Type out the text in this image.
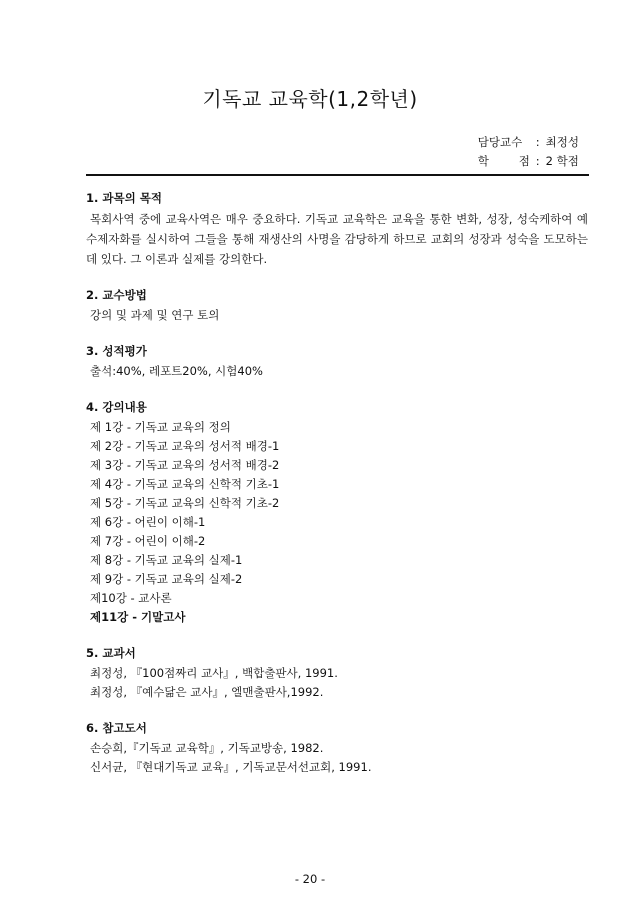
기독교 교육학(1,2학년)
담당교수	: 최정성
학	점 : 2 학점
1. 과목의 목적
목회사역 중에 교육사역은 매우 중요하다. 기독교 교육학은 교육을 통한 변화, 성장, 성숙케하여 예수제자화를 실시하여 그들을 통해 재생산의 사명을 감당하게 하므로 교회의 성장과 성숙을 도모하는데 있다. 그 이론과 실제를 강의한다.
2. 교수방법
강의 및 과제 및 연구 토의
3. 성적평가
출석:40%, 레포트20%, 시험40%
4. 강의내용
제 1강 - 기독교 교육의 정의
제 2강 - 기독교 교육의 성서적 배경-1
제 3강 - 기독교 교육의 성서적 배경-2
제 4강 - 기독교 교육의 신학적 기초-1
제 5강 - 기독교 교육의 신학적 기초-2
제 6강 - 어린이 이해-1
제 7강 - 어린이 이해-2
제 8강 - 기독교 교육의 실제-1
제 9강 - 기독교 교육의 실제-2
제10강 - 교사론
제11강 - 기말고사
5. 교과서
최정성, 『100점짜리 교사』, 백합출판사, 1991.
최정성, 『예수닮은 교사』, 엘맨출판사,1992.
6. 참고도서
손승희,『기독교 교육학』, 기독교방송, 1982.
신서균, 『현대기독교 교육』, 기독교문서선교회, 1991.
- 20 -
